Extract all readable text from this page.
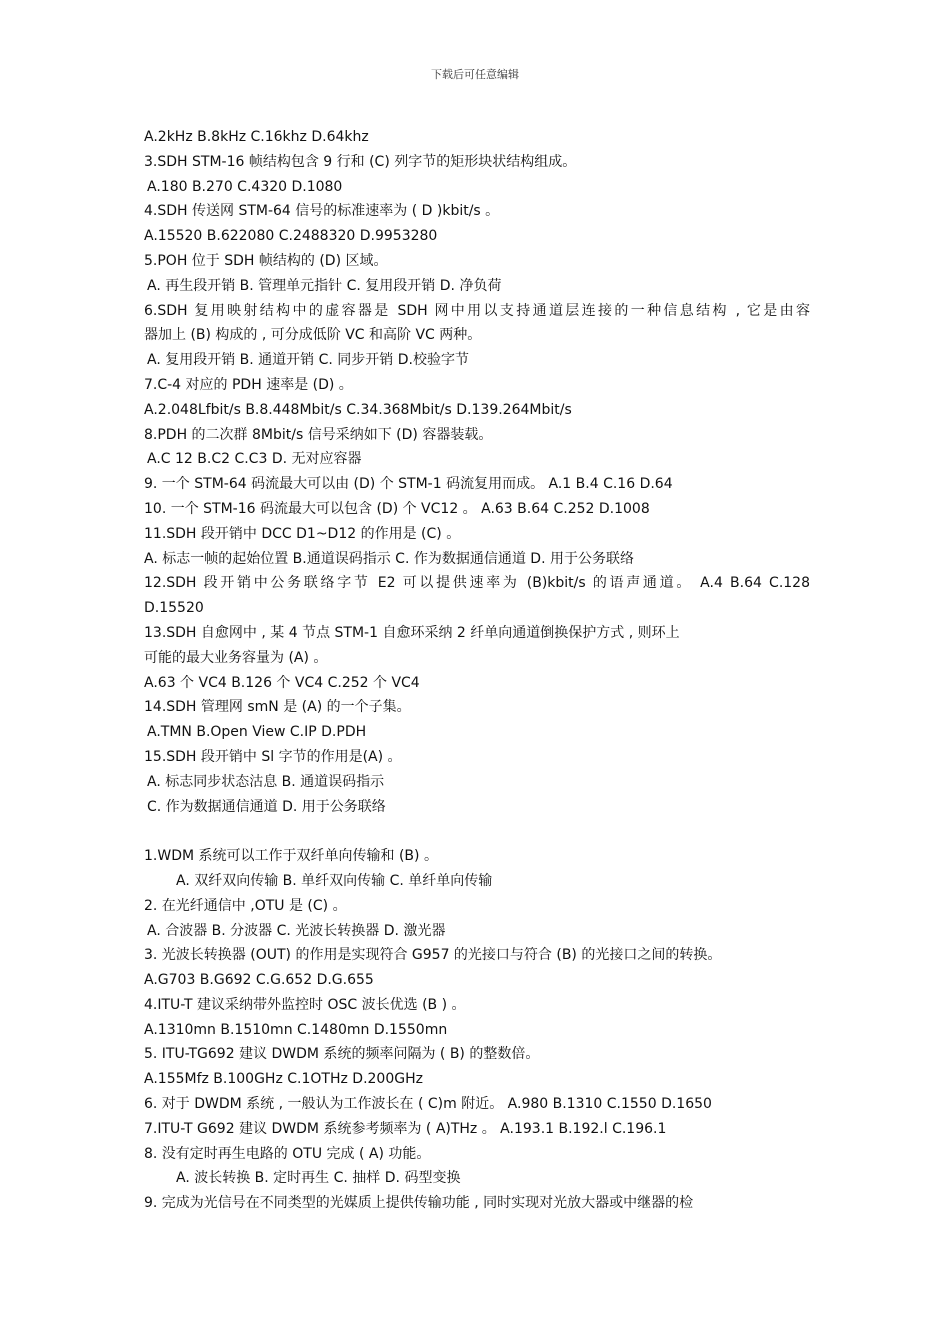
下载后可任意编辑
A.2kHz B.8kHz C.16khz D.64khz
3.SDH STM-16 帧结构包含 9 行和 (C) 列字节的矩形块状结构组成。
A.180 B.270 C.4320 D.1080
4.SDH 传送网 STM-64 信号的标准速率为 ( D )kbit/s 。
A.15520 B.622080 C.2488320 D.9953280
5.POH 位于 SDH 帧结构的 (D) 区域。
A. 再生段开销 B. 管理单元指针 C. 复用段开销 D. 净负荷
6.SDH 复用映射结构中的虚容器是 SDH 网中用以支持通道层连接的一种信息结构 , 它是由容
器加上 (B) 构成的 , 可分成低阶 VC 和高阶 VC 两种。
A. 复用段开销 B. 通道开销 C. 同步开销 D.校验字节
7.C-4 对应的 PDH 速率是 (D) 。
A.2.048Lfbit/s B.8.448Mbit/s C.34.368Mbit/s D.139.264Mbit/s
8.PDH 的二次群 8Mbit/s 信号采纳如下 (D) 容器装载。
A.C 12 B.C2 C.C3 D. 无对应容器
9. 一个 STM-64 码流最大可以由 (D) 个 STM-1 码流复用而成。 A.1 B.4 C.16 D.64
10. 一个 STM-16 码流最大可以包含 (D) 个 VC12 。 A.63 B.64 C.252 D.1008
11.SDH 段开销中 DCC D1~D12 的作用是 (C) 。
A. 标志一帧的起始位置 B.通道误码指示 C. 作为数据通信通道 D. 用于公务联络
12.SDH 段开销中公务联络字节 E2 可以提供速率为 (B)kbit/s 的语声通道。 A.4 B.64 C.128
D.15520
13.SDH 自愈网中 , 某 4 节点 STM-1 自愈环采纳 2 纤单向通道倒换保护方式 , 则环上
可能的最大业务容量为 (A) 。
A.63 个 VC4 B.126 个 VC4 C.252 个 VC4
14.SDH 管理网 smN 是 (A) 的一个子集。
A.TMN B.Open View C.IP D.PDH
15.SDH 段开销中 Sl 字节的作用是(A) 。
A. 标志同步状态沽息 B. 通道误码指示
C. 作为数据通信通道 D. 用于公务联络
1.WDM 系统可以工作于双纤单向传输和 (B) 。
A. 双纤双向传输 B. 单纤双向传输 C. 单纤单向传输
2. 在光纤通信中 ,OTU 是 (C) 。
A. 合波器 B. 分波器 C. 光波长转换器 D. 激光器
3. 光波长转换器 (OUT) 的作用是实现符合 G957 的光接口与符合 (B) 的光接口之间的转换。
A.G703 B.G692 C.G.652 D.G.655
4.ITU-T 建议采纳带外监控时 OSC 波长优选 (B ) 。
A.1310mn B.1510mn C.1480mn D.1550mn
5. ITU-TG692 建议 DWDM 系统的频率问隔为 ( B) 的整数倍。
A.155Mfz B.100GHz C.1OTHz D.200GHz
6. 对于 DWDM 系统 , 一般认为工作波长在 ( C)m 附近。 A.980 B.1310 C.1550 D.1650
7.ITU-T G692 建议 DWDM 系统参考频率为 ( A)THz 。 A.193.1 B.192.l C.196.1
8. 没有定时再生电路的 OTU 完成 ( A) 功能。
A. 波长转换 B. 定时再生 C. 抽样 D. 码型变换
9. 完成为光信号在不同类型的光媒质上提供传输功能 , 同时实现对光放大器或中继器的检
